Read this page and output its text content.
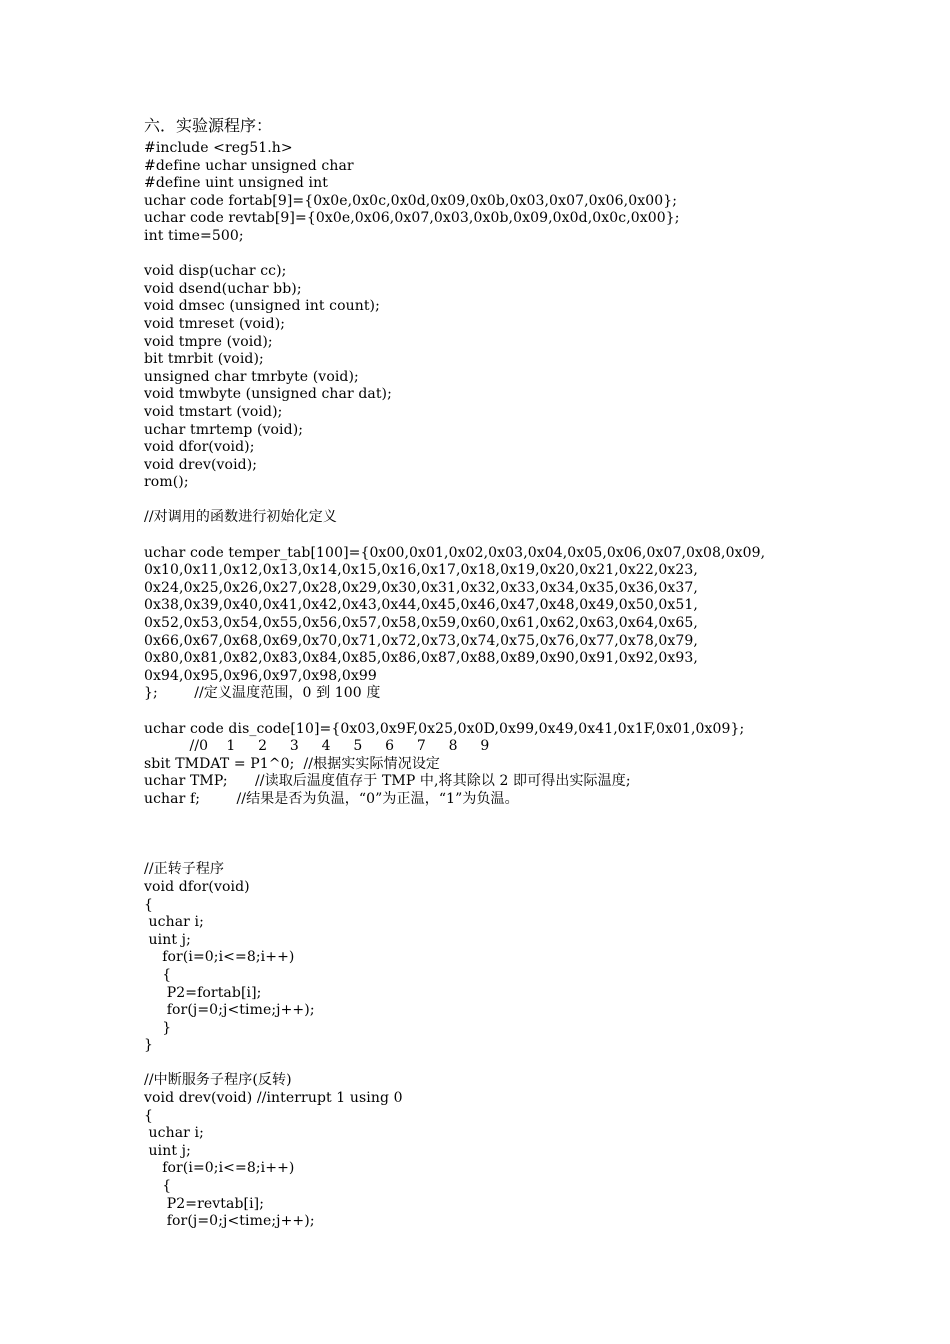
六．实验源程序：
#include <reg51.h>
#define uchar unsigned char
#define uint unsigned int
uchar code fortab[9]={0x0e,0x0c,0x0d,0x09,0x0b,0x03,0x07,0x06,0x00};
uchar code revtab[9]={0x0e,0x06,0x07,0x03,0x0b,0x09,0x0d,0x0c,0x00};
int time=500;
void disp(uchar cc);
void dsend(uchar bb);
void dmsec (unsigned int count);
void tmreset (void);
void tmpre (void);
bit tmrbit (void);
unsigned char tmrbyte (void);
void tmwbyte (unsigned char dat);
void tmstart (void);
uchar tmrtemp (void);
void dfor(void);
void drev(void);
rom();
//对调用的函数进行初始化定义
uchar code temper_tab[100]={0x00,0x01,0x02,0x03,0x04,0x05,0x06,0x07,0x08,0x09,
0x10,0x11,0x12,0x13,0x14,0x15,0x16,0x17,0x18,0x19,0x20,0x21,0x22,0x23,
0x24,0x25,0x26,0x27,0x28,0x29,0x30,0x31,0x32,0x33,0x34,0x35,0x36,0x37,
0x38,0x39,0x40,0x41,0x42,0x43,0x44,0x45,0x46,0x47,0x48,0x49,0x50,0x51,
0x52,0x53,0x54,0x55,0x56,0x57,0x58,0x59,0x60,0x61,0x62,0x63,0x64,0x65,
0x66,0x67,0x68,0x69,0x70,0x71,0x72,0x73,0x74,0x75,0x76,0x77,0x78,0x79,
0x80,0x81,0x82,0x83,0x84,0x85,0x86,0x87,0x88,0x89,0x90,0x91,0x92,0x93,
0x94,0x95,0x96,0x97,0x98,0x99
};        //定义温度范围，0 到 100 度
uchar code dis_code[10]={0x03,0x9F,0x25,0x0D,0x99,0x49,0x41,0x1F,0x01,0x09};
//0    1     2     3     4     5     6     7     8     9
sbit TMDAT = P1^0;  //根据实实际情况设定
uchar TMP;      //读取后温度值存于 TMP 中,将其除以 2 即可得出实际温度;
uchar f;        //结果是否为负温，“0”为正温，“1”为负温。
//正转子程序
void dfor(void)
{
uchar i;
uint j;
for(i=0;i<=8;i++)
{
P2=fortab[i];
for(j=0;j<time;j++);
}
}
//中断服务子程序(反转)
void drev(void) //interrupt 1 using 0
{
uchar i;
uint j;
for(i=0;i<=8;i++)
{
P2=revtab[i];
for(j=0;j<time;j++);
